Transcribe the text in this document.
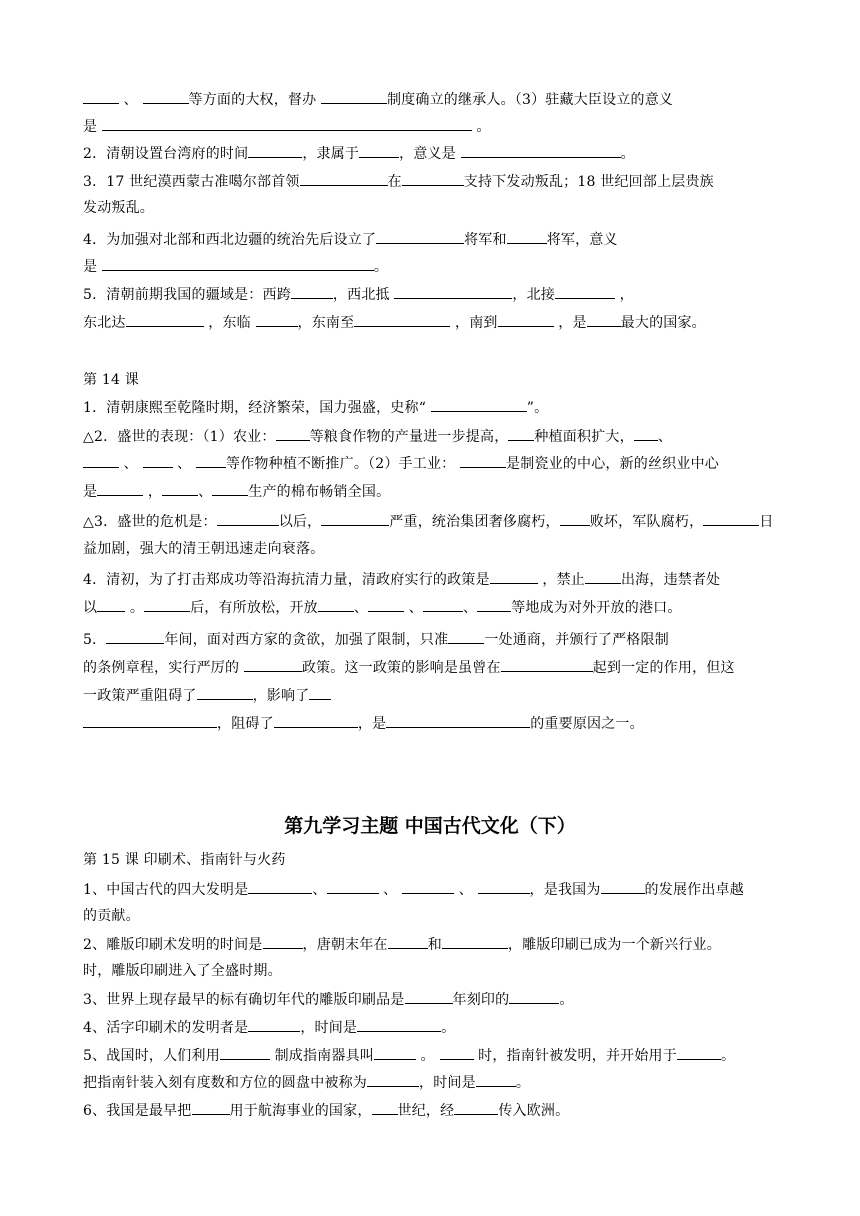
、	等方面的大权，督办	制度确立的继承人。（3）驻藏大臣设立的意义
是	。
2．清朝设置台湾府的时间	，隶属于	，意义是	。
3．17 世纪漠西蒙古准噶尔部首领	在	支持下发动叛乱；18 世纪回部上层贵族
发动叛乱。
4．为加强对北部和西北边疆的统治先后设立了	将军和	将军，意义
是	。
5．清朝前期我国的疆域是：西跨	，西北抵	，北接	，
东北达	，东临	，东南至	，南到	，是 最大的国家。
第 14 课
1．清朝康熙至乾隆时期，经济繁荣，国力强盛，史称“	”。
△2．盛世的表现：（1）农业： 等粮食作物的产量进一步提高， 种植面积扩大， 、
、	、 等作物种植不断推广。（2）手工业：	是制瓷业的中心，新的丝织业中心
是	，	、	生产的棉布畅销全国。
△3．盛世的危机是：	以后，	严重，统治集团奢侈腐朽， 败坏，军队腐朽，	日
益加剧，强大的清王朝迅速走向衰落。
4．清初，为了打击郑成功等沿海抗清力量，清政府实行的政策是	，禁止	出海，违禁者处
以 。	后，有所放松，开放	、	、	、 等地成为对外开放的港口。
5．	年间，面对西方家的贪欲，加强了限制，只准	一处通商，并颁行了严格限制
的条例章程，实行严厉的	政策。这一政策的影响是虽曾在	起到一定的作用，但这
一政策严重阻碍了	，影响了
，阻碍了	，是	的重要原因之一。
第九学习主题 中国古代文化（下）
第 15 课 印刷术、指南针与火药
1、中国古代的四大发明是	、	、	、	，是我国为	的发展作出卓越
的贡献。
2、雕版印刷术发明的时间是	，唐朝末年在	和	，雕版印刷已成为一个新兴行业。
时，雕版印刷进入了全盛时期。
3、世界上现存最早的标有确切年代的雕版印刷品是	年刻印的	。
4、活字印刷术的发明者是	，时间是	。
5、战国时，人们利用	制成指南器具叫	。	时，指南针被发明，并开始用于	。
把指南针装入刻有度数和方位的圆盘中被称为	，时间是	。
6、我国是最早把	用于航海事业的国家， 世纪，经	传入欧洲。
